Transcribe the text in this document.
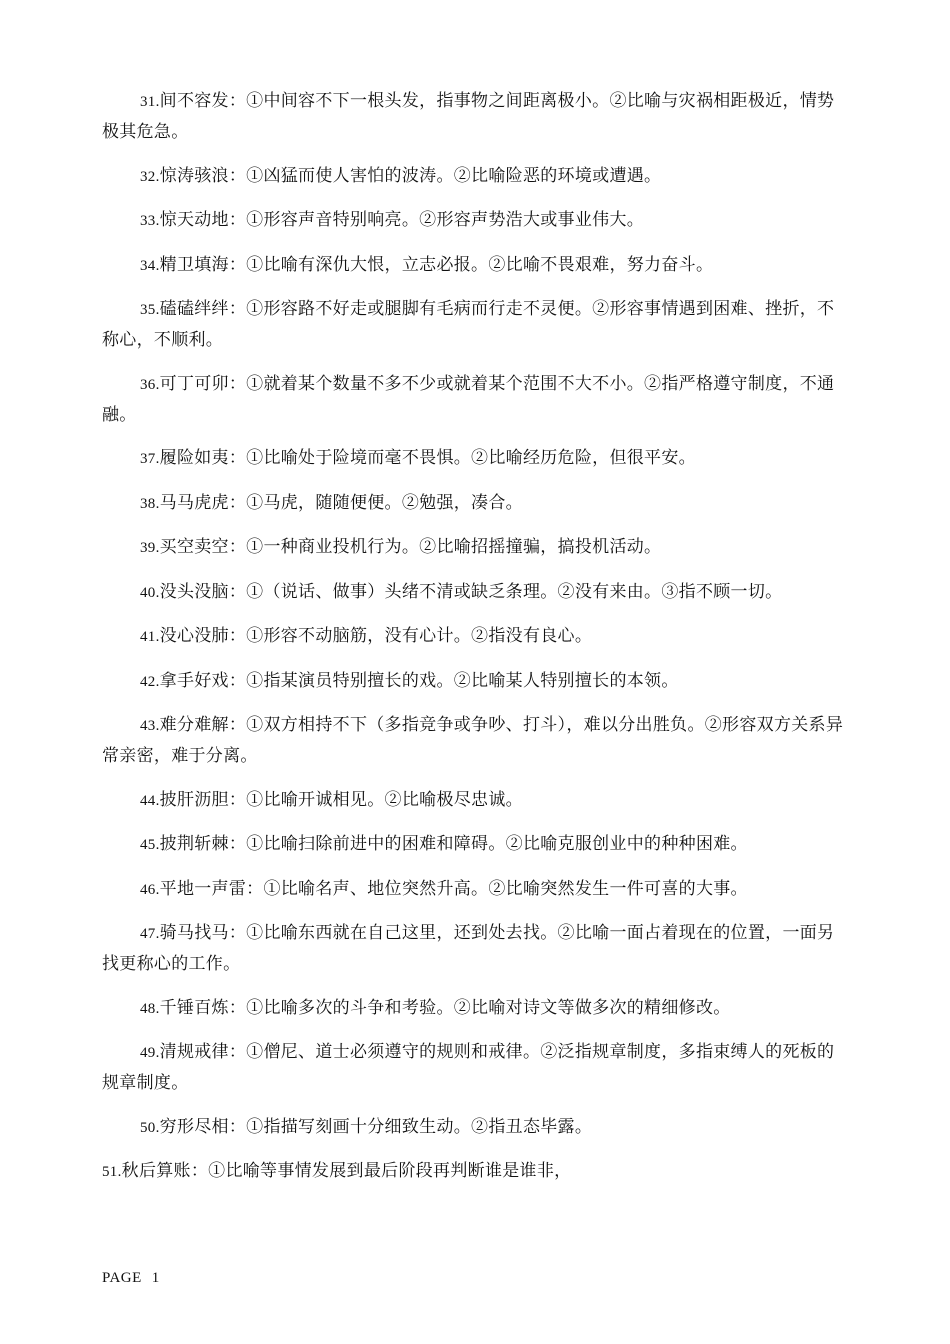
31.间不容发：①中间容不下一根头发，指事物之间距离极小。②比喻与灾祸相距极近，情势极其危急。

32.惊涛骇浪：①凶猛而使人害怕的波涛。②比喻险恶的环境或遭遇。

33.惊天动地：①形容声音特别响亮。②形容声势浩大或事业伟大。

34.精卫填海：①比喻有深仇大恨，立志必报。②比喻不畏艰难，努力奋斗。

35.磕磕绊绊：①形容路不好走或腿脚有毛病而行走不灵便。②形容事情遇到困难、挫折，不称心，不顺利。

36.可丁可卯：①就着某个数量不多不少或就着某个范围不大不小。②指严格遵守制度，不通融。

37.履险如夷：①比喻处于险境而毫不畏惧。②比喻经历危险，但很平安。

38.马马虎虎：①马虎，随随便便。②勉强，凑合。

39.买空卖空：①一种商业投机行为。②比喻招摇撞骗，搞投机活动。

40.没头没脑：①（说话、做事）头绪不清或缺乏条理。②没有来由。③指不顾一切。

41.没心没肺：①形容不动脑筋，没有心计。②指没有良心。

42.拿手好戏：①指某演员特别擅长的戏。②比喻某人特别擅长的本领。

43.难分难解：①双方相持不下（多指竞争或争吵、打斗），难以分出胜负。②形容双方关系异常亲密，难于分离。

44.披肝沥胆：①比喻开诚相见。②比喻极尽忠诚。

45.披荆斩棘：①比喻扫除前进中的困难和障碍。②比喻克服创业中的种种困难。

46.平地一声雷：①比喻名声、地位突然升高。②比喻突然发生一件可喜的大事。

47.骑马找马：①比喻东西就在自己这里，还到处去找。②比喻一面占着现在的位置，一面另找更称心的工作。

48.千锤百炼：①比喻多次的斗争和考验。②比喻对诗文等做多次的精细修改。

49.清规戒律：①僧尼、道士必须遵守的规则和戒律。②泛指规章制度，多指束缚人的死板的规章制度。

50.穷形尽相：①指描写刻画十分细致生动。②指丑态毕露。

51.秋后算账：①比喻等事情发展到最后阶段再判断谁是谁非，

PAGE 1
